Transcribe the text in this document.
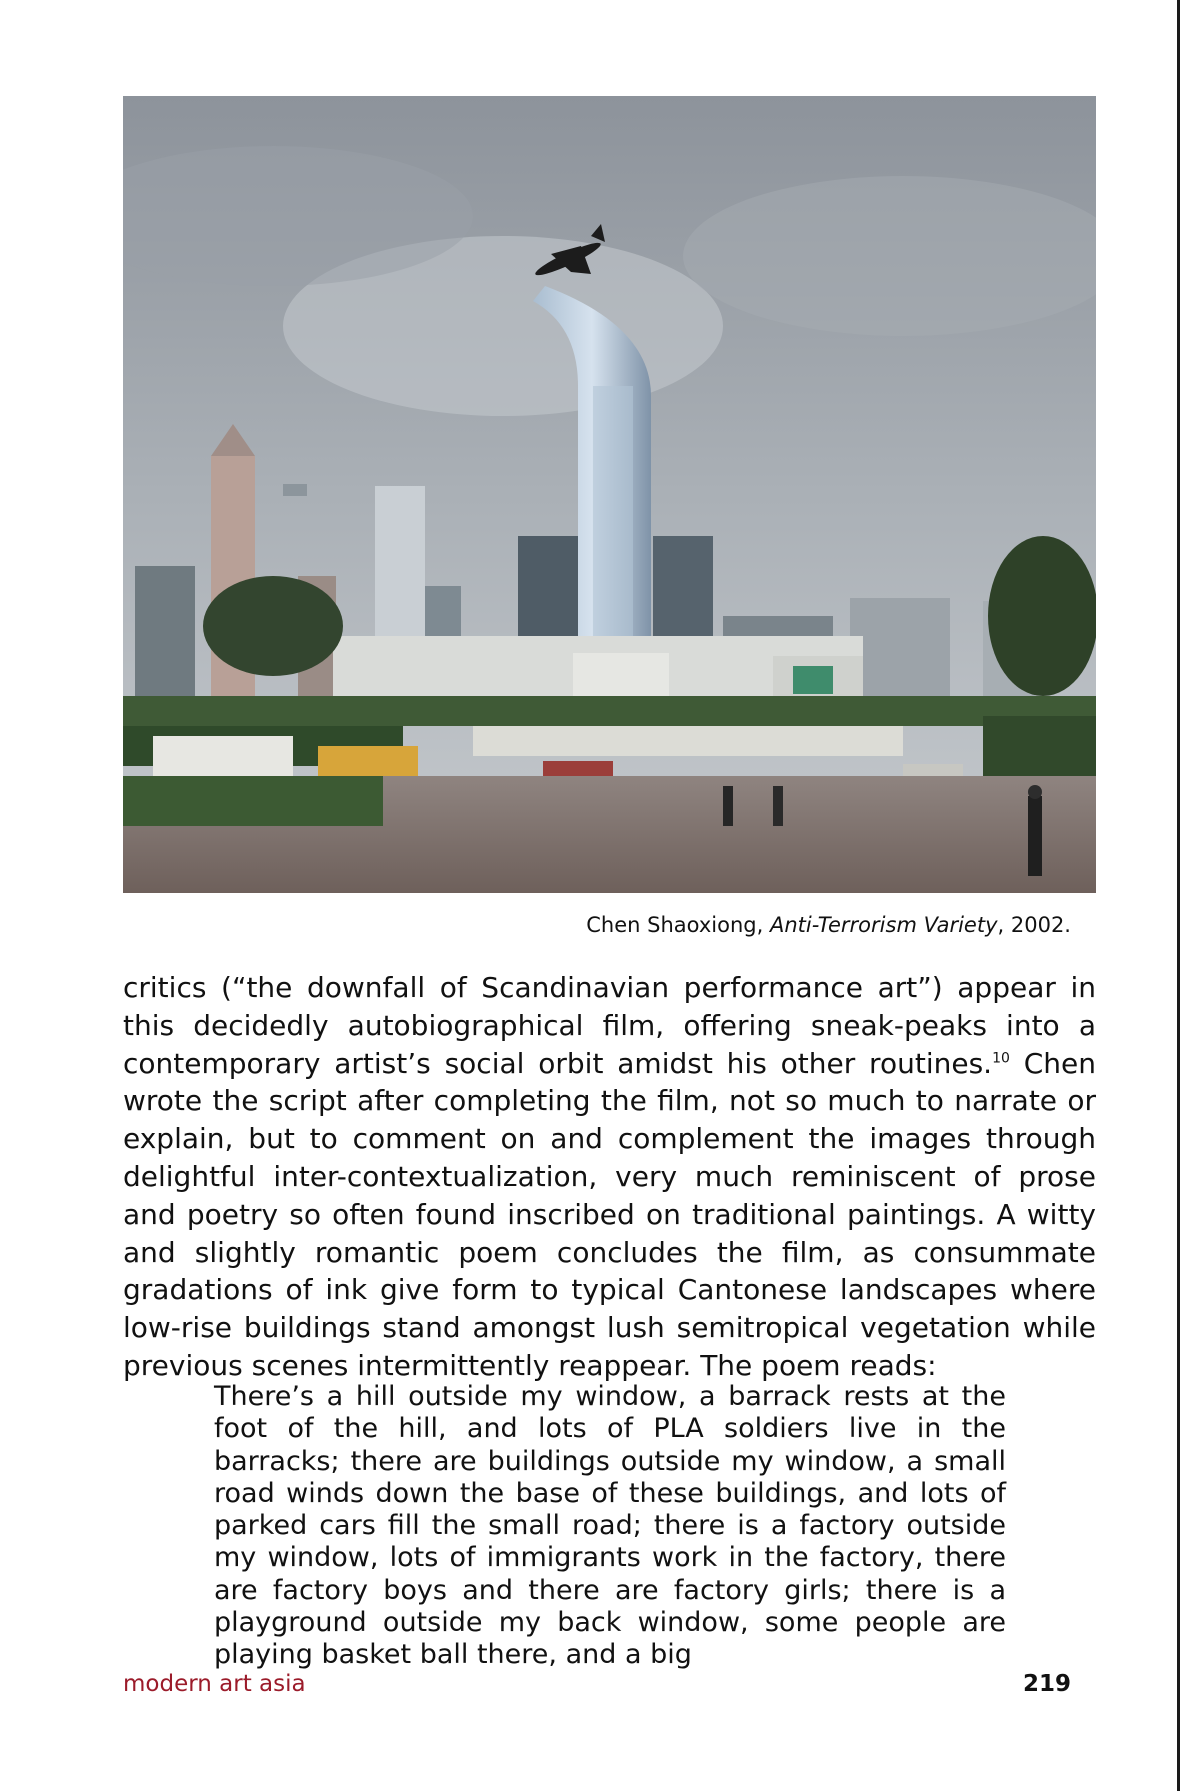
Chen Shaoxiong, Anti-Terrorism Variety, 2002.
critics (“the downfall of Scandinavian performance art”) appear in this decidedly autobiographical film, offering sneak-peaks into a contemporary artist’s social orbit amidst his other routines.$^{10}$ Chen wrote the script after completing the film, not so much to narrate or explain, but to comment on and complement the images through delightful inter-contextualization, very much reminiscent of prose and poetry so often found inscribed on traditional paintings. A witty and slightly romantic poem concludes the film, as consummate gradations of ink give form to typical Cantonese landscapes where low-rise buildings stand amongst lush semitropical vegetation while previous scenes intermittently reappear. The poem reads:
There’s a hill outside my window, a barrack rests at the foot of the hill, and lots of PLA soldiers live in the barracks; there are buildings outside my window, a small road winds down the base of these buildings, and lots of parked cars fill the small road; there is a factory outside my window, lots of immigrants work in the factory, there are factory boys and there are factory girls; there is a playground outside my back window, some people are playing basket ball there, and a big
modern art asia	219
